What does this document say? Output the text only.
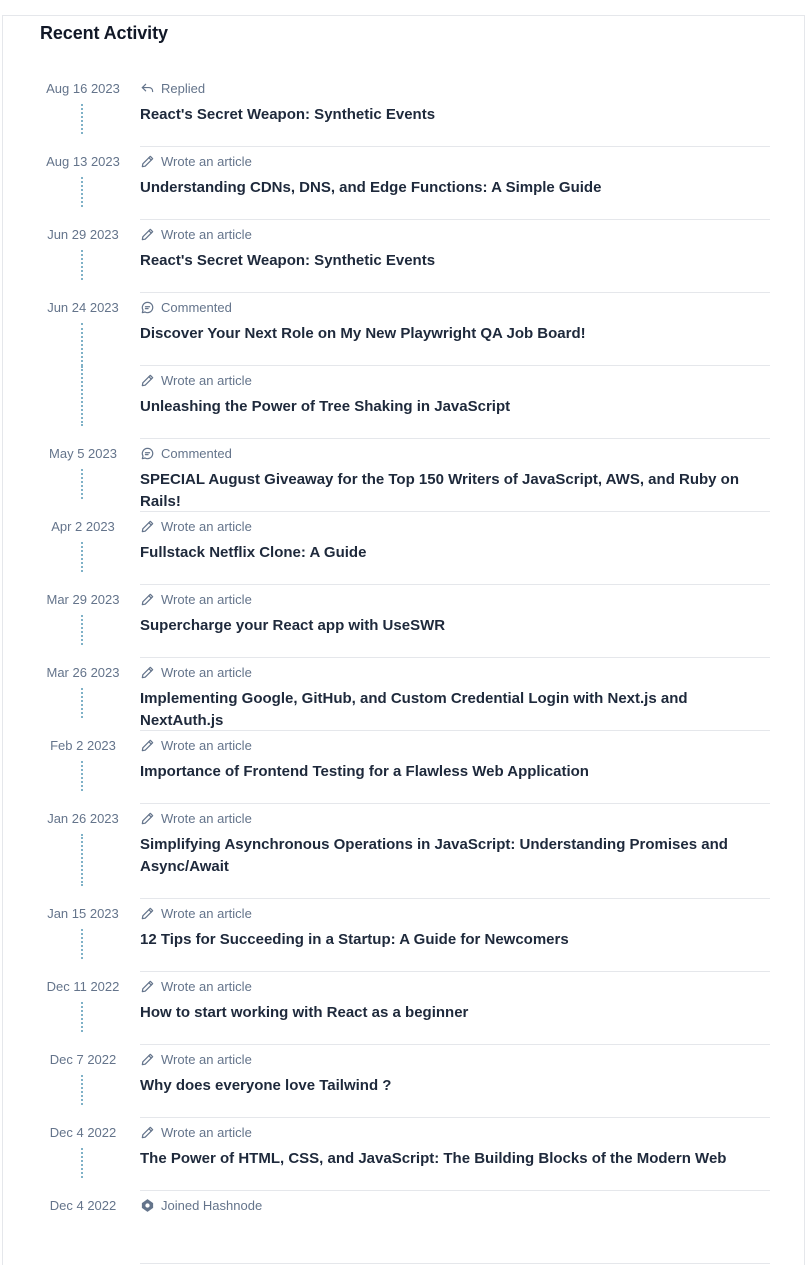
Recent Activity
Aug 16 2023	Replied
React's Secret Weapon: Synthetic Events
Aug 13 2023	Wrote an article
Understanding CDNs, DNS, and Edge Functions: A Simple Guide
Jun 29 2023	Wrote an article
React's Secret Weapon: Synthetic Events
Jun 24 2023	Commented
Discover Your Next Role on My New Playwright QA Job Board!
Wrote an article
Unleashing the Power of Tree Shaking in JavaScript
May 5 2023	Commented
SPECIAL August Giveaway for the Top 150 Writers of JavaScript, AWS, and Ruby on Rails!
Apr 2 2023	Wrote an article
Fullstack Netflix Clone: A Guide
Mar 29 2023	Wrote an article
Supercharge your React app with UseSWR
Mar 26 2023	Wrote an article
Implementing Google, GitHub, and Custom Credential Login with Next.js and NextAuth.js
Feb 2 2023	Wrote an article
Importance of Frontend Testing for a Flawless Web Application
Jan 26 2023	Wrote an article
Simplifying Asynchronous Operations in JavaScript: Understanding Promises and Async/Await
Jan 15 2023	Wrote an article
12 Tips for Succeeding in a Startup: A Guide for Newcomers
Dec 11 2022	Wrote an article
How to start working with React as a beginner
Dec 7 2022	Wrote an article
Why does everyone love Tailwind ?
Dec 4 2022	Wrote an article
The Power of HTML, CSS, and JavaScript: The Building Blocks of the Modern Web
Dec 4 2022	Joined Hashnode
